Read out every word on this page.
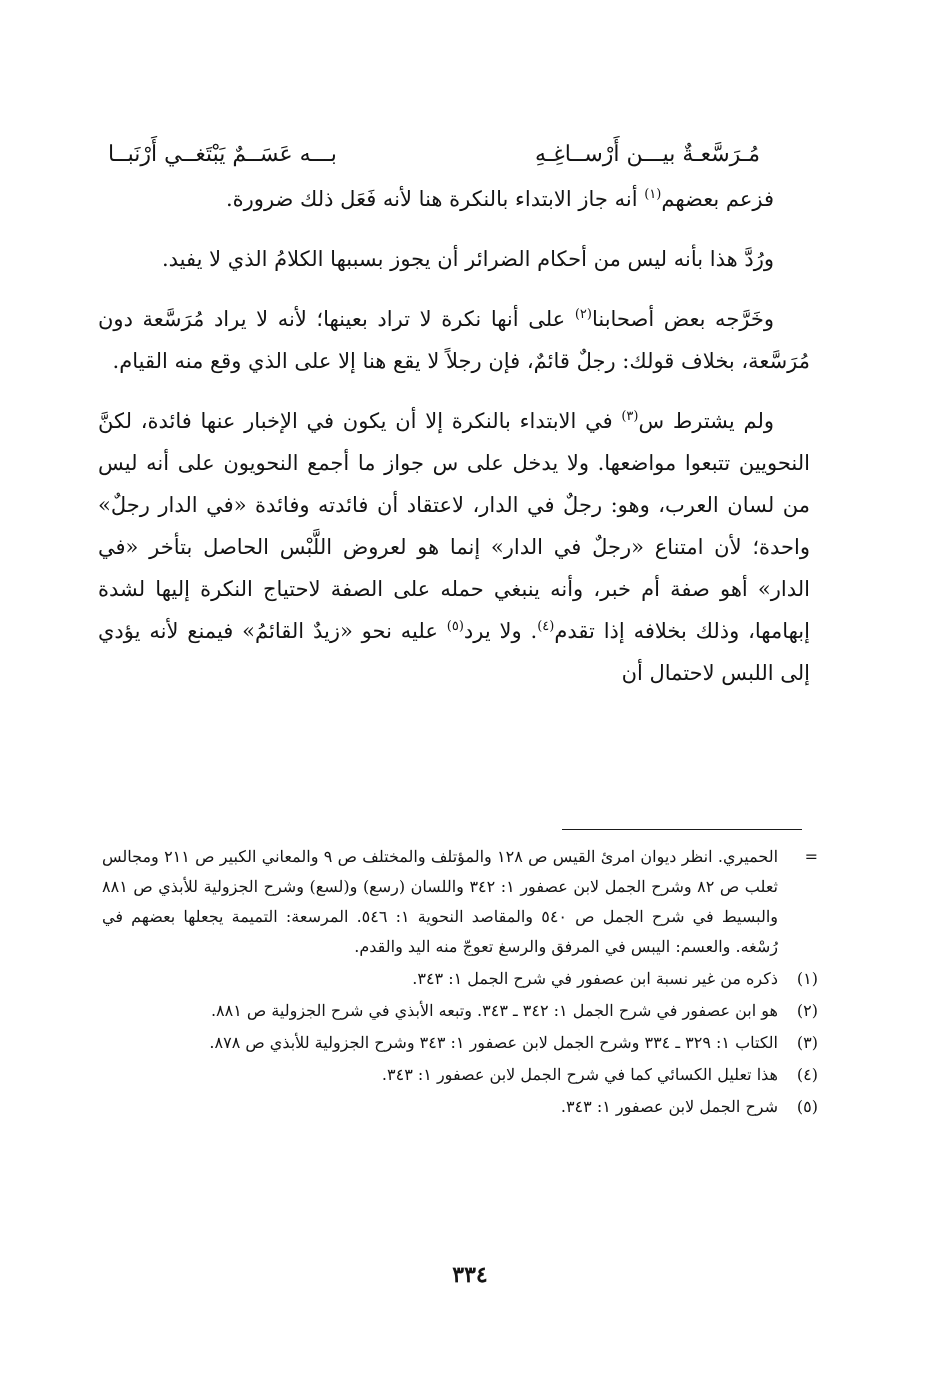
مُـرَسَّعـةٌ بيـــن أَرْســاغِـهِ
بـــه عَسَــمٌ يَبْتَغــي أَرْنَبــا

فزعم بعضهم$^{(١)}$ أنه جاز الابتداء بالنكرة هنا لأنه فَعَل ذلك ضرورة.

ورُدَّ هذا بأنه ليس من أحكام الضرائر أن يجوز بسببها الكلامُ الذي لا يفيد.

وخَرَّجه بعض أصحابنا$^{(٢)}$ على أنها نكرة لا تراد بعينها؛ لأنه لا يراد مُرَسَّعة دون مُرَسَّعة، بخلاف قولك: رجلٌ قائمٌ، فإن رجلاً لا يقع هنا إلا على الذي وقع منه القيام.

ولم يشترط س$^{(٣)}$ في الابتداء بالنكرة إلا أن يكون في الإخبار عنها فائدة، لكنَّ النحويين تتبعوا مواضعها. ولا يدخل على س جواز ما أجمع النحويون على أنه ليس من لسان العرب، وهو: رجلٌ في الدار، لاعتقاد أن فائدته وفائدة «في الدار رجلٌ» واحدة؛ لأن امتناع «رجلٌ في الدار» إنما هو لعروض اللَّبْس الحاصل بتأخر «في الدار» أهو صفة أم خبر، وأنه ينبغي حمله على الصفة لاحتياج النكرة إليها لشدة إبهامها، وذلك بخلافه إذا تقدم$^{(٤)}$. ولا يرد$^{(٥)}$ عليه نحو «زيدٌ القائمُ» فيمنع لأنه يؤدي إلى اللبس لاحتمال أن

=
الحميري. انظر ديوان امرئ القيس ص ١٢٨ والمؤتلف والمختلف ص ٩ والمعاني الكبير ص ٢١١ ومجالس ثعلب ص ٨٢ وشرح الجمل لابن عصفور ١: ٣٤٢ واللسان (رسع) و(لسع) وشرح الجزولية للأبذي ص ٨٨١ والبسيط في شرح الجمل ص ٥٤٠ والمقاصد النحوية ١: ٥٤٦. المرسعة: التميمة يجعلها بعضهم في رُسْغه. والعسم: اليبس في المرفق والرسغ تعوجّ منه اليد والقدم.
(١)
ذكره من غير نسبة ابن عصفور في شرح الجمل ١: ٣٤٣.
(٢)
هو ابن عصفور في شرح الجمل ١: ٣٤٢ ـ ٣٤٣. وتبعه الأبذي في شرح الجزولية ص ٨٨١.
(٣)
الكتاب ١: ٣٢٩ ـ ٣٣٤ وشرح الجمل لابن عصفور ١: ٣٤٣ وشرح الجزولية للأبذي ص ٨٧٨.
(٤)
هذا تعليل الكسائي كما في شرح الجمل لابن عصفور ١: ٣٤٣.
(٥)
شرح الجمل لابن عصفور ١: ٣٤٣.
٣٣٤
